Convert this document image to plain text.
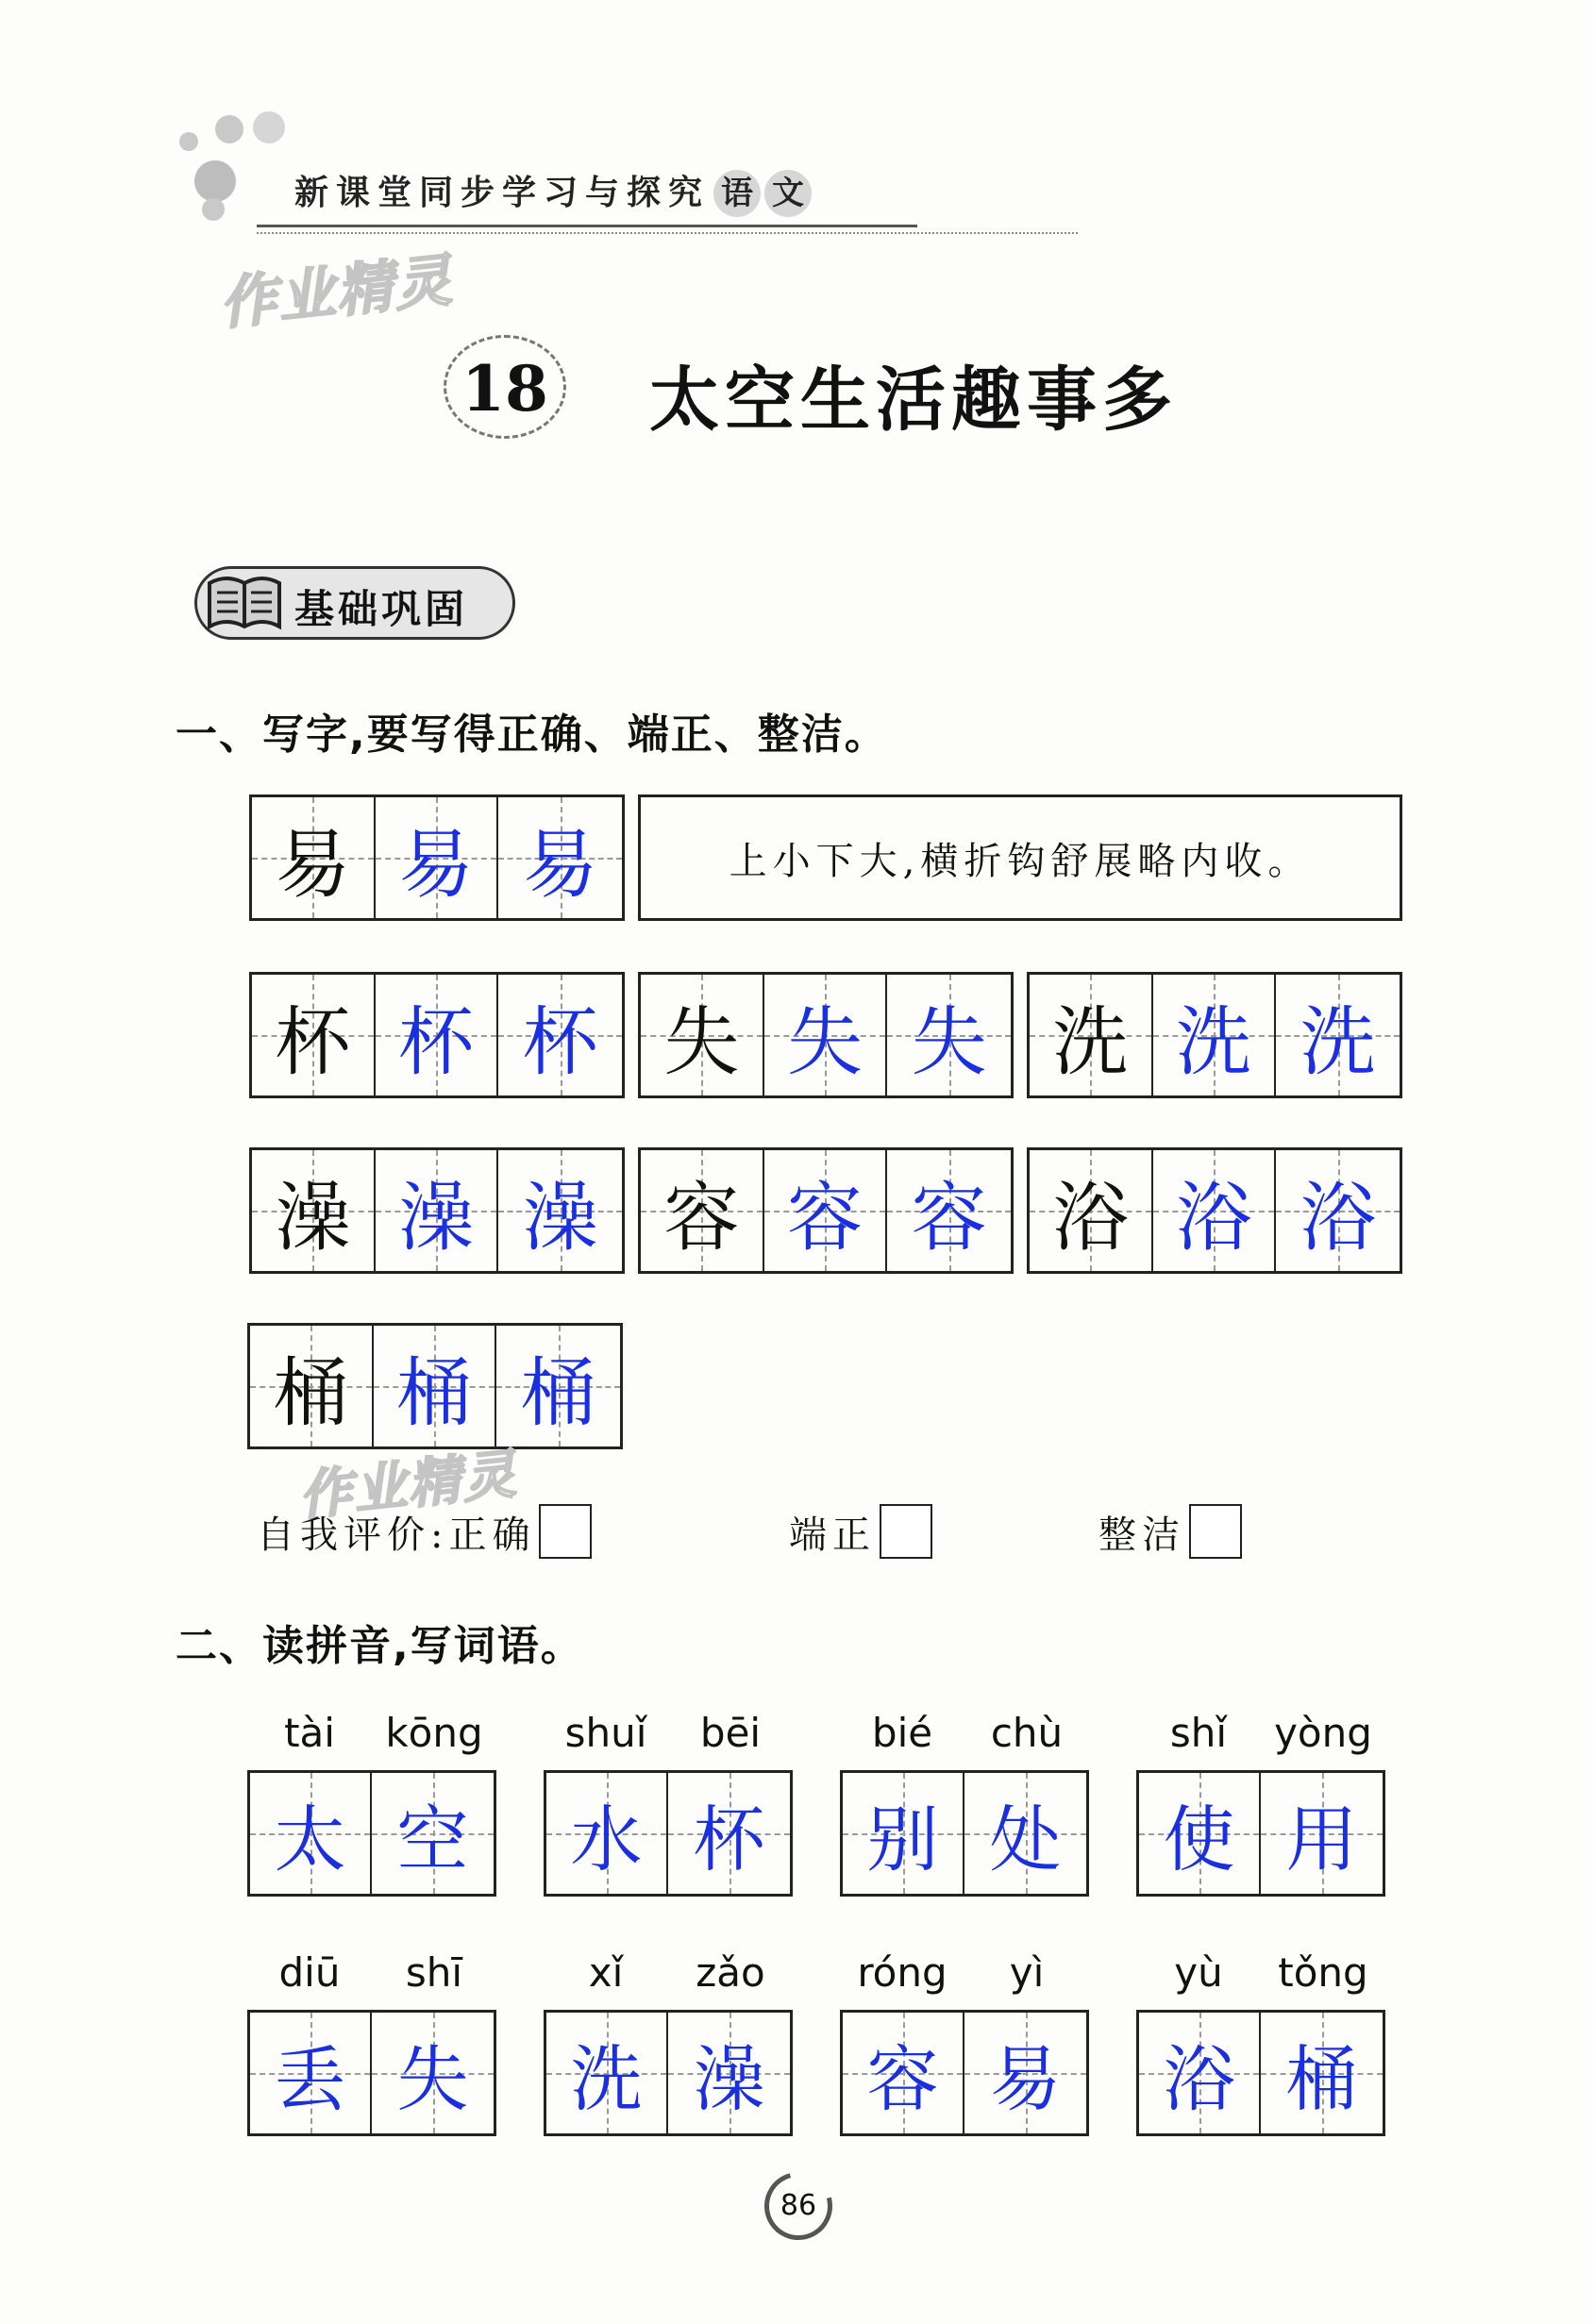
新课堂同步学习与探究 语 文
作业精灵
18 太空生活趣事多
基础巩固
一、写字,要写得正确、端正、整洁。
易 易 易	上小下大,横折钩舒展略内收。
杯 杯 杯 失 失 失 洗 洗 洗
澡 澡 澡 容 容 容 浴 浴 浴
桶 桶 桶
作业精灵
自我评价:正确	端正	整洁
二、读拼音,写词语。
tài	kōng
太 空
shuǐ	bēi
水 杯
bié	chù
别 处
shǐ	yòng
使 用
diū	shī
丢 失
xǐ	zǎo
洗 澡
róng	yì
容 易
yù	tǒng
浴 桶
86
